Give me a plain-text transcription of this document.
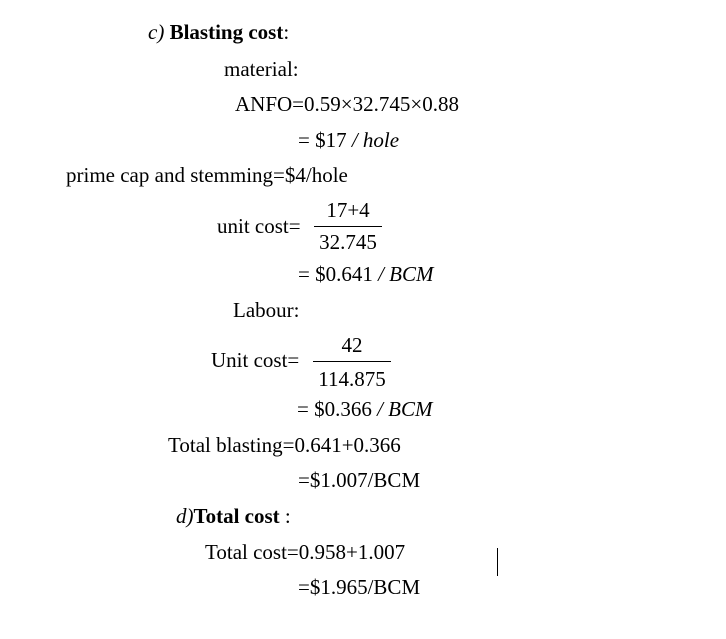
c) Blasting cost:
material:
ANFO=0.59×32.745×0.88
= $17 / hole
prime cap and stemming=$4/hole
unit cost=
17+4
32.745
= $0.641 / BCM
Labour:
Unit cost=
42
114.875
= $0.366 / BCM
Total blasting=0.641+0.366
=$1.007/BCM
d)Total cost :
Total cost=0.958+1.007
=$1.965/BCM
